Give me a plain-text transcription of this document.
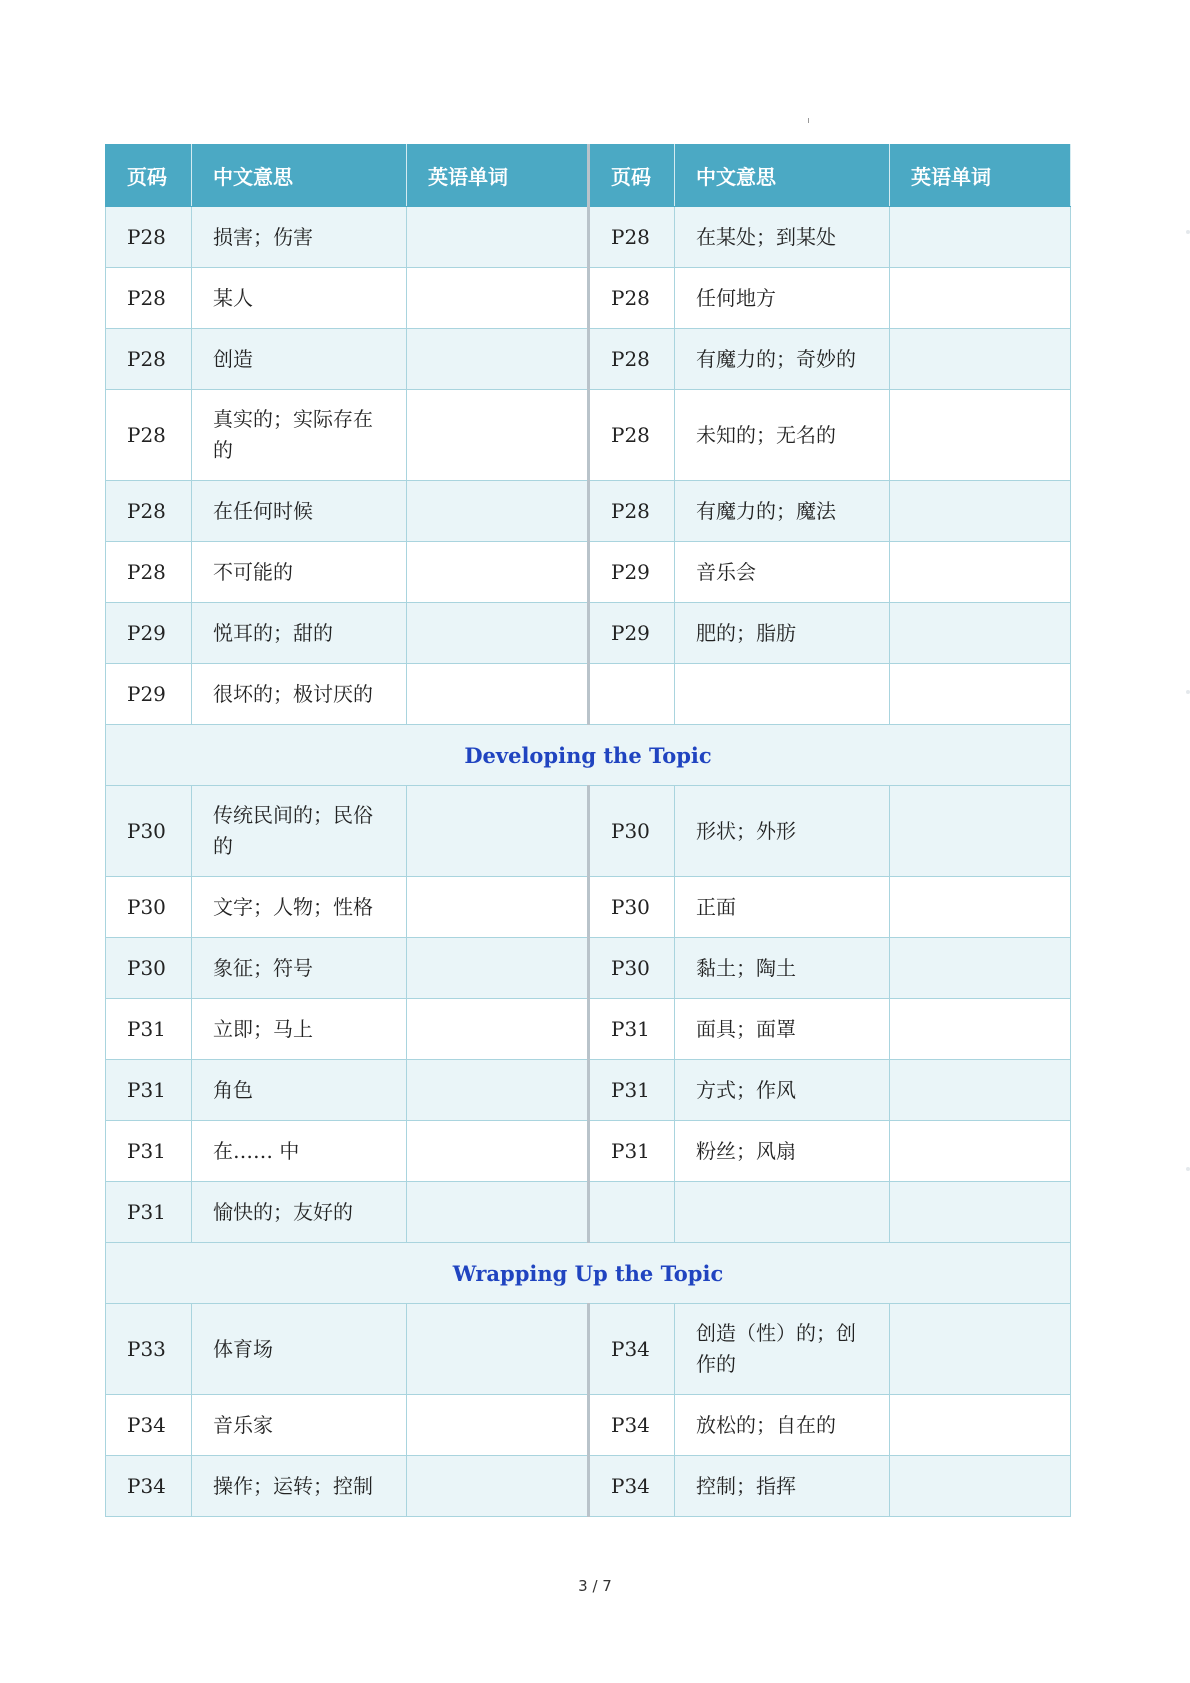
页码	中文意思	英语单词	页码	中文意思	英语单词
P28	损害；伤害		P28	在某处；到某处	
P28	某人		P28	任何地方	
P28	创造		P28	有魔力的；奇妙的	
P28	真实的；实际存在的		P28	未知的；无名的	
P28	在任何时候		P28	有魔力的；魔法	
P28	不可能的		P29	音乐会	
P29	悦耳的；甜的		P29	肥的；脂肪	
P29	很坏的；极讨厌的				
Developing the Topic					
P30	传统民间的；民俗的		P30	形状；外形	
P30	文字；人物；性格		P30	正面	
P30	象征；符号		P30	黏土；陶土	
P31	立即；马上		P31	面具；面罩	
P31	角色		P31	方式；作风	
P31	在…… 中		P31	粉丝；风扇	
P31	愉快的；友好的				
Wrapping Up the Topic					
P33	体育场		P34	创造（性）的；创作的	
P34	音乐家		P34	放松的；自在的	
P34	操作；运转；控制		P34	控制；指挥	
3 / 7
